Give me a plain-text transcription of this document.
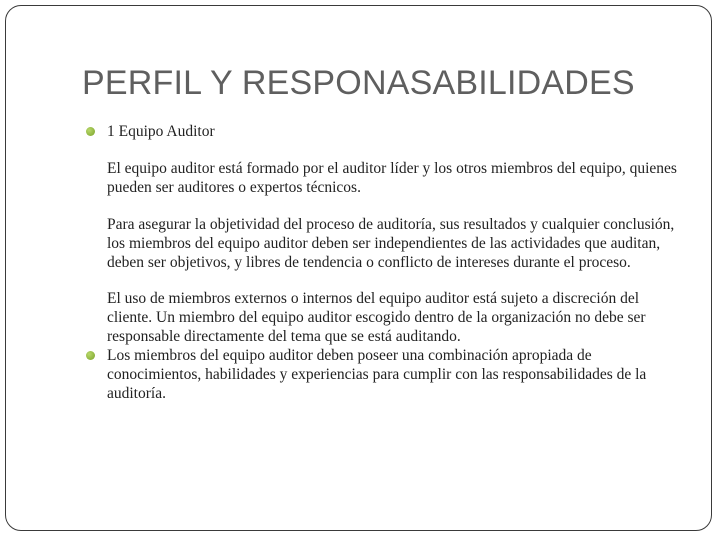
PERFIL Y RESPONASABILIDADES
1 Equipo Auditor
El equipo auditor está formado por el auditor líder y los otros miembros del equipo, quienes pueden ser auditores o expertos técnicos.
Para asegurar la objetividad del proceso de auditoría, sus resultados y cualquier conclusión, los miembros del equipo auditor deben ser independientes de las actividades que auditan, deben ser objetivos, y libres de tendencia o conflicto de intereses durante el proceso.
El uso de miembros externos o internos del equipo auditor está sujeto a discreción del cliente. Un miembro del equipo auditor escogido dentro de la organización no debe ser responsable directamente del tema que se está auditando.
Los miembros del equipo auditor deben poseer una combinación apropiada de conocimientos, habilidades y experiencias para cumplir con las responsabilidades de la auditoría.
